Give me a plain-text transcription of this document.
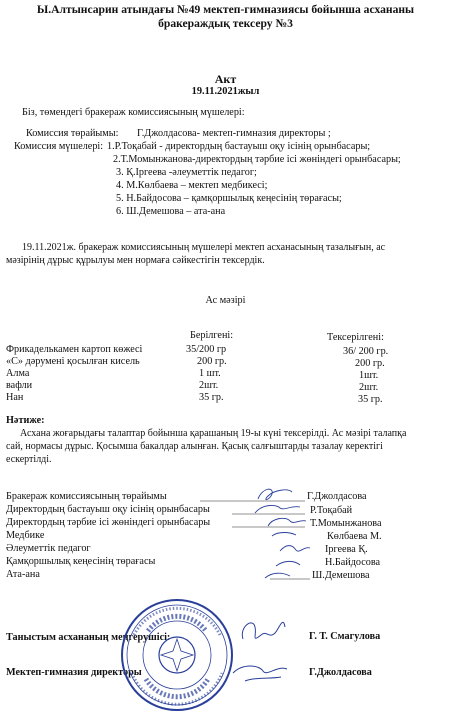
Ы.Алтынсарин атындағы №49 мектеп-гимназиясы бойынша асхананы
бракераждық тексеру №3
Акт
19.11.2021жыл
Біз, төмендегі бракераж комиссиясының мүшелері:
Комиссия төрайымы: Г.Джолдасова- мектеп-гимназия директоры ;
Комиссия мүшелері: 1.Р.Тоқабай - директордың бастауыш оқу ісінің орынбасары;
2.Т.Момынжанова-директордың тәрбие ісі жөніндегі орынбасары;
3. Қ.Іргеева -әлеуметтік педагог;
4. М.Көлбаева – мектеп медбикесі;
5. Н.Байдосова – қамқоршылық кеңесінің төрағасы;
6. Ш.Демешова – ата-ана
19.11.2021ж. бракераж комиссиясының мүшелері мектеп асханасының тазалығын, ас
мәзірінің дұрыс құрылуы мен нормаға сәйкестігін тексердік.
Ас мәзірі
Берілгені:	Тексерілгені:
Фрикаделькамен картоп көжесі	35/200 гр	36/ 200 гр.
«С» дәрумені қосылған кисель	200 гр.	200 гр.
Алма	1 шт.	1шт.
вафли	2шт.	2шт.
Нан	35 гр.	35 гр.
Нәтиже:
Асхана жоғарыдағы талаптар бойынша қарашаның 19-ы күні тексерілді. Ас мәзірі талапқа
сай, нормасы дұрыс. Қосымша бакалдар алынған. Қасық салғыштарды тазалау керектігі
ескертілді.
Бракераж комиссиясының төрайымы	Г.Джолдасова
Директордың бастауыш оқу ісінің орынбасары	Р.Тоқабай
Директордың тәрбие ісі жөніндегі орынбасары	Т.Момынжанова
Медбике	Көлбаева М.
Әлеуметтік педагог	Іргеева Қ.
Қамқоршылық кеңесінің төрағасы	Н.Байдосова
Ата-ана	Ш.Демешова
Таныстым асхананың меңгерушісі:	Г. Т. Смагулова
Мектеп-гимназия директоры	Г.Джолдасова
